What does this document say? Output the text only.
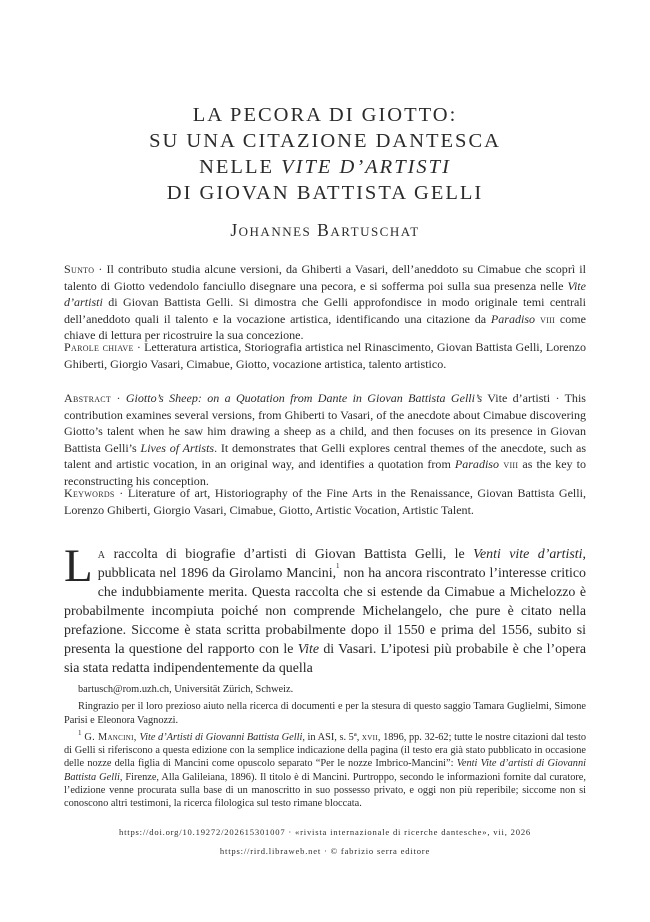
LA PECORA DI GIOTTO:
SU UNA CITAZIONE DANTESCA
NELLE VITE D’ARTISTI
DI GIOVAN BATTISTA GELLI
JOHANNES BARTUSCHAT
Sunto · Il contributo studia alcune versioni, da Ghiberti a Vasari, dell’aneddoto su Cimabue che scoprì il talento di Giotto vedendolo fanciullo disegnare una pecora, e si sofferma poi sulla sua presenza nelle Vite d’artisti di Giovan Battista Gelli. Si dimostra che Gelli approfondisce in modo originale temi centrali dell’aneddoto quali il talento e la vocazione artistica, identificando una citazione da Paradiso viii come chiave di lettura per ricostruire la sua concezione.
Parole chiave · Letteratura artistica, Storiografia artistica nel Rinascimento, Giovan Battista Gelli, Lorenzo Ghiberti, Giorgio Vasari, Cimabue, Giotto, vocazione artistica, talento artistico.
Abstract · Giotto’s Sheep: on a Quotation from Dante in Giovan Battista Gelli’s Vite d’artisti · This contribution examines several versions, from Ghiberti to Vasari, of the anecdote about Cimabue discovering Giotto’s talent when he saw him drawing a sheep as a child, and then focuses on its presence in Giovan Battista Gelli’s Lives of Artists. It demonstrates that Gelli explores central themes of the anecdote, such as talent and artistic vocation, in an original way, and identifies a quotation from Paradiso viii as the key to reconstructing his conception.
Keywords · Literature of art, Historiography of the Fine Arts in the Renaissance, Giovan Battista Gelli, Lorenzo Ghiberti, Giorgio Vasari, Cimabue, Giotto, Artistic Vocation, Artistic Talent.
La raccolta di biografie d’artisti di Giovan Battista Gelli, le Venti vite d’artisti, pubblicata nel 1896 da Girolamo Mancini,$^1$ non ha ancora riscontrato l’interesse critico che indubbiamente merita. Questa raccolta che si estende da Cimabue a Michelozzo è probabilmente incompiuta poiché non comprende Michelangelo, che pure è citato nella prefazione. Siccome è stata scritta probabilmente dopo il 1550 e prima del 1556, subito si presenta la questione del rapporto con le Vite di Vasari. L’ipotesi più probabile è che l’opera sia stata redatta indipendentemente da quella
bartusch@rom.uzh.ch, Universität Zürich, Schweiz.
Ringrazio per il loro prezioso aiuto nella ricerca di documenti e per la stesura di questo saggio Tamara Guglielmi, Simone Parisi e Eleonora Vagnozzi.
$^1$ G. Mancini, Vite d’Artisti di Giovanni Battista Gelli, in ASI, s. 5ª, xvii, 1896, pp. 32-62; tutte le nostre citazioni dal testo di Gelli si riferiscono a questa edizione con la semplice indicazione della pagina (il testo era già stato pubblicato in occasione delle nozze della figlia di Mancini come opuscolo separato “Per le nozze Imbrico-Mancini”: Venti Vite d’artisti di Giovanni Battista Gelli, Firenze, Alla Galileiana, 1896). Il titolo è di Mancini. Purtroppo, secondo le informazioni fornite dal curatore, l’edizione venne procurata sulla base di un manoscritto in suo possesso privato, e oggi non più reperibile; siccome non si conoscono altri testimoni, la ricerca filologica sul testo rimane bloccata.
https://doi.org/10.19272/202615301007 · «rivista internazionale di ricerche dantesche», vii, 2026
https://rird.libraweb.net · © fabrizio serra editore
